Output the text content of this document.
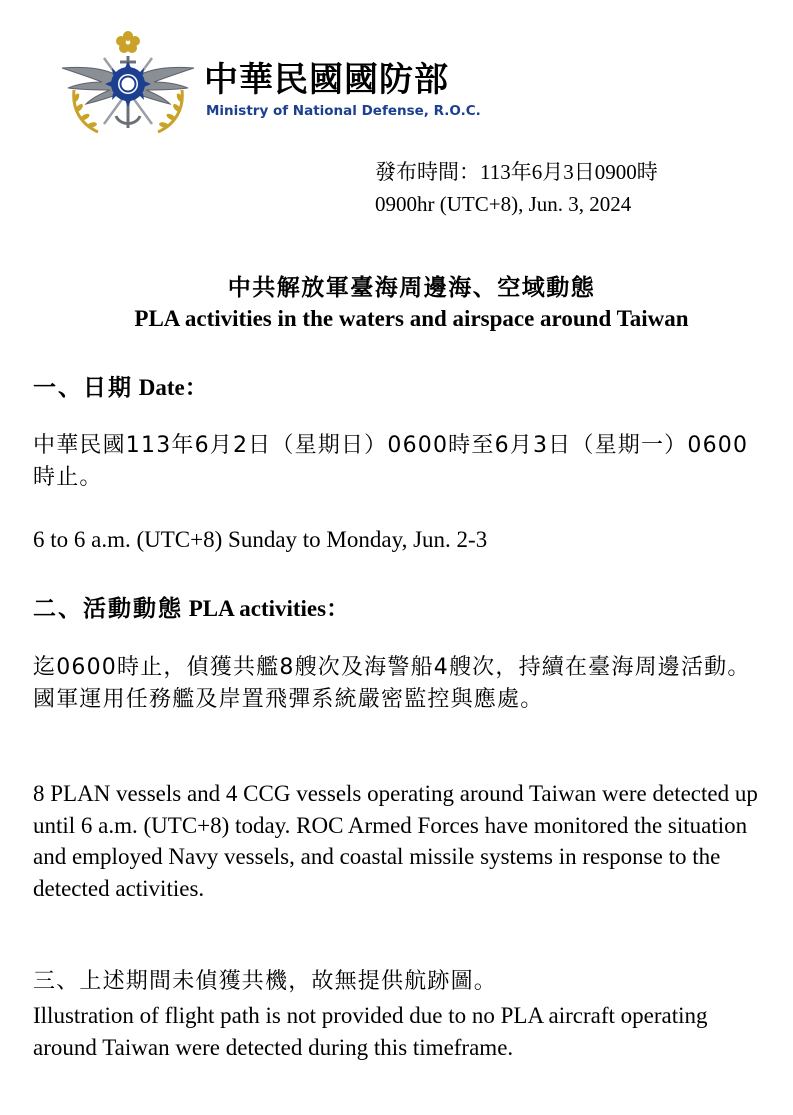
中華民國國防部
Ministry of National Defense, R.O.C.
發布時間：113年6月3日0900時
0900hr (UTC+8), Jun. 3, 2024
中共解放軍臺海周邊海、空域動態
PLA activities in the waters and airspace around Taiwan
一、日期 Date：
中華民國113年6月2日（星期日）0600時至6月3日（星期一）0600時止。
6 to 6 a.m. (UTC+8) Sunday to Monday, Jun. 2-3
二、活動動態 PLA activities：
迄0600時止，偵獲共艦8艘次及海警船4艘次，持續在臺海周邊活動。國軍運用任務艦及岸置飛彈系統嚴密監控與應處。
8 PLAN vessels and 4 CCG vessels operating around Taiwan were detected up until 6 a.m. (UTC+8) today. ROC Armed Forces have monitored the situation and employed Navy vessels, and coastal missile systems in response to the detected activities.
三、上述期間未偵獲共機，故無提供航跡圖。
Illustration of flight path is not provided due to no PLA aircraft operating around Taiwan were detected during this timeframe.
